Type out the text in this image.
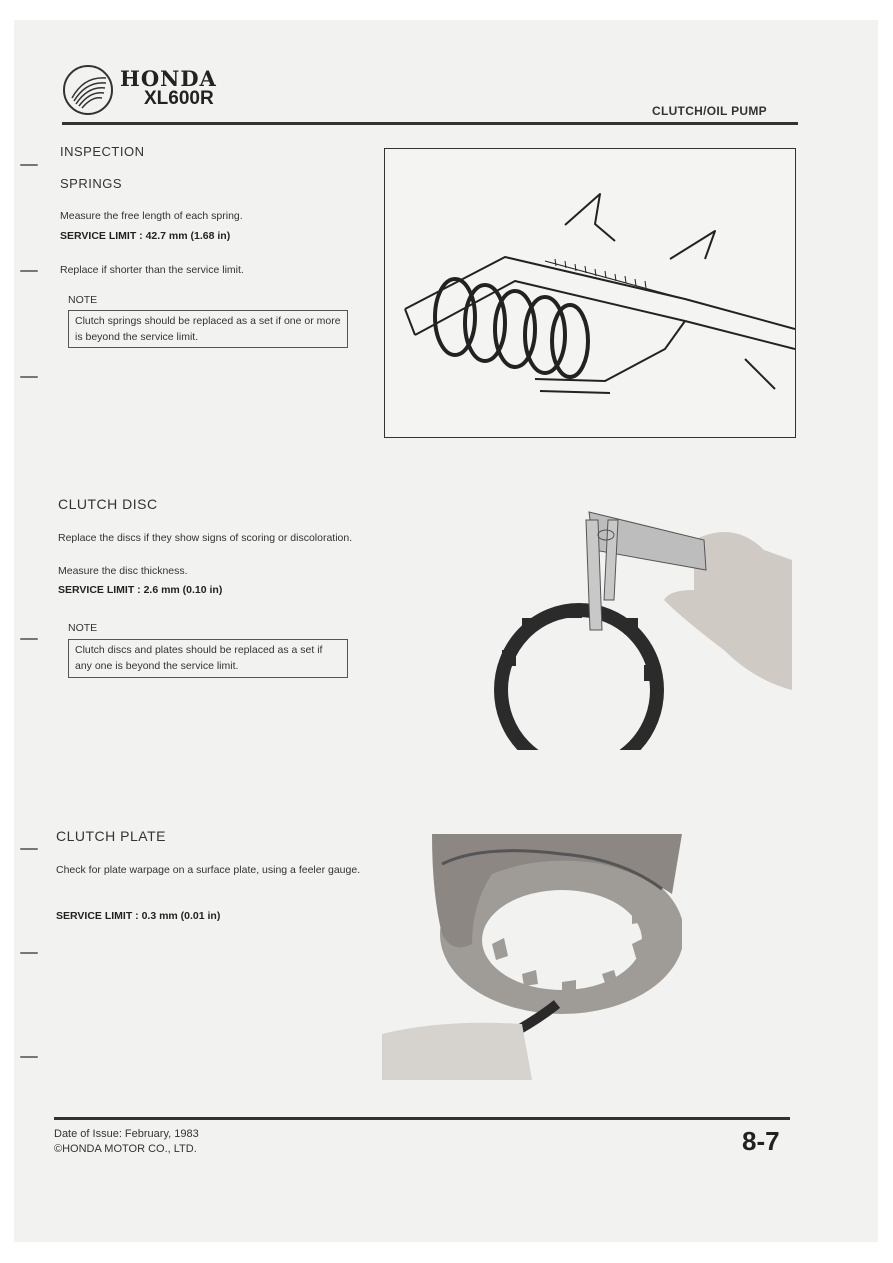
HONDA
XL600R
CLUTCH/OIL PUMP
INSPECTION
SPRINGS
Measure the free length of each spring.
SERVICE LIMIT : 42.7 mm (1.68 in)
Replace if shorter than the service limit.
NOTE
Clutch springs should be replaced as a set if one or more is beyond the service limit.
CLUTCH DISC
Replace the discs if they show signs of scoring or discoloration.
Measure the disc thickness.
SERVICE LIMIT : 2.6 mm (0.10 in)
NOTE
Clutch discs and plates should be replaced as a set if any one is beyond the service limit.
CLUTCH PLATE
Check for plate warpage on a surface plate, using a feeler gauge.
SERVICE LIMIT : 0.3 mm (0.01 in)
Date of Issue: February, 1983
©HONDA MOTOR CO., LTD.	8-7
